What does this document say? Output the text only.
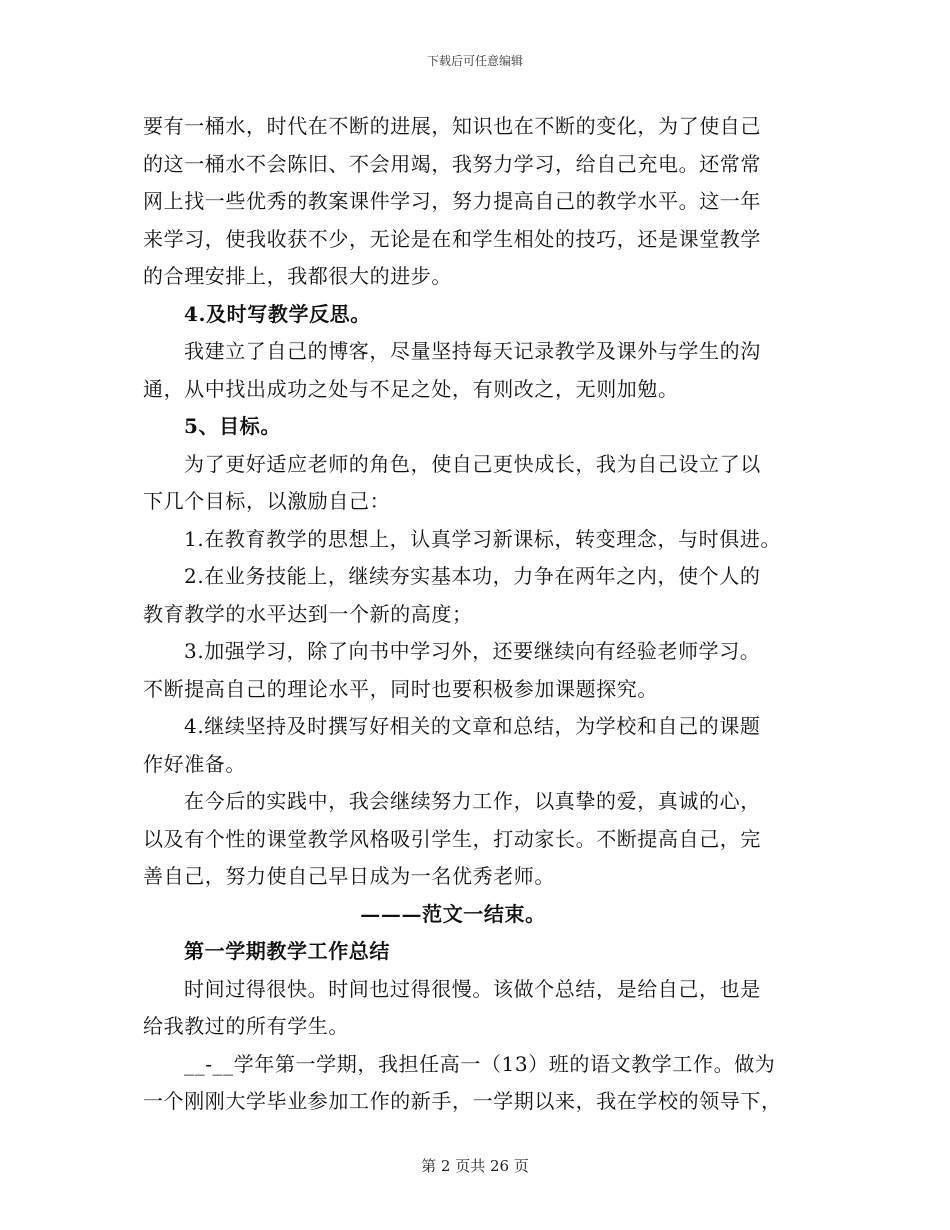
下载后可任意编辑
要有一桶水，时代在不断的进展，知识也在不断的变化，为了使自己
的这一桶水不会陈旧、不会用竭，我努力学习，给自己充电。还常常
网上找一些优秀的教案课件学习，努力提高自己的教学水平。这一年
来学习，使我收获不少，无论是在和学生相处的技巧，还是课堂教学
的合理安排上，我都很大的进步。
4.及时写教学反思。
我建立了自己的博客，尽量坚持每天记录教学及课外与学生的沟
通，从中找出成功之处与不足之处，有则改之，无则加勉。
5、目标。
为了更好适应老师的角色，使自己更快成长，我为自己设立了以
下几个目标，以激励自己：
1.在教育教学的思想上，认真学习新课标，转变理念，与时俱进。
2.在业务技能上，继续夯实基本功，力争在两年之内，使个人的
教育教学的水平达到一个新的高度；
3.加强学习，除了向书中学习外，还要继续向有经验老师学习。
不断提高自己的理论水平，同时也要积极参加课题探究。
4.继续坚持及时撰写好相关的文章和总结，为学校和自己的课题
作好准备。
在今后的实践中，我会继续努力工作，以真挚的爱，真诚的心，
以及有个性的课堂教学风格吸引学生，打动家长。不断提高自己，完
善自己，努力使自己早日成为一名优秀老师。
———范文一结束。
第一学期教学工作总结
时间过得很快。时间也过得很慢。该做个总结，是给自己，也是
给我教过的所有学生。
__-__学年第一学期，我担任高一（13）班的语文教学工作。做为
一个刚刚大学毕业参加工作的新手，一学期以来，我在学校的领导下，
第 2 页共 26 页
